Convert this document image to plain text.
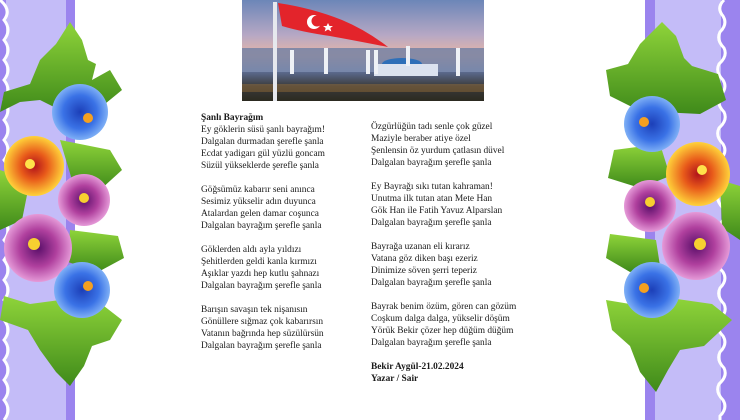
Şanlı Bayrağım
Ey göklerin süsü şanlı bayrağım!
Dalgalan durmadan şerefle şanla
Ecdat yadigarı gül yüzlü goncam
Süzül yükseklerde şerefle şanla
Göğsümüz kabarır seni anınca
Sesimiz yükselir adın duyunca
Atalardan gelen damar coşunca
Dalgalan bayrağım şerefle şanla
Göklerden aldı ayla yıldızı
Şehitlerden geldi kanla kırmızı
Aşıklar yazdı hep kutlu şahnazı
Dalgalan bayrağım şerefle şanla
Barışın savaşın tek nişanısın
Gönüllere sığmaz çok kabarırsın
Vatanın bağrında hep süzülürsün
Dalgalan bayrağım şerefle şanla
Özgürlüğün tadı senle çok güzel
Maziyle beraber atiye özel
Şenlensin öz yurdum çatlasın düvel
Dalgalan bayrağım şerefle şanla
Ey Bayrağı sıkı tutan kahraman!
Unutma ilk tutan atan Mete Han
Gök Han ile Fatih Yavuz Alparslan
Dalgalan bayrağım şerefle şanla
Bayrağa uzanan eli kırarız
Vatana göz diken başı ezeriz
Dinimize söven şerri teperiz
Dalgalan bayrağım şerefle şanla
Bayrak benim özüm, gören can gözüm
Coşkum dalga dalga, yükselir döşüm
Yörük Bekir çözer hep düğüm düğüm
Dalgalan bayrağım şerefle şanla
Bekir Aygül-21.02.2024
Yazar / Sair
